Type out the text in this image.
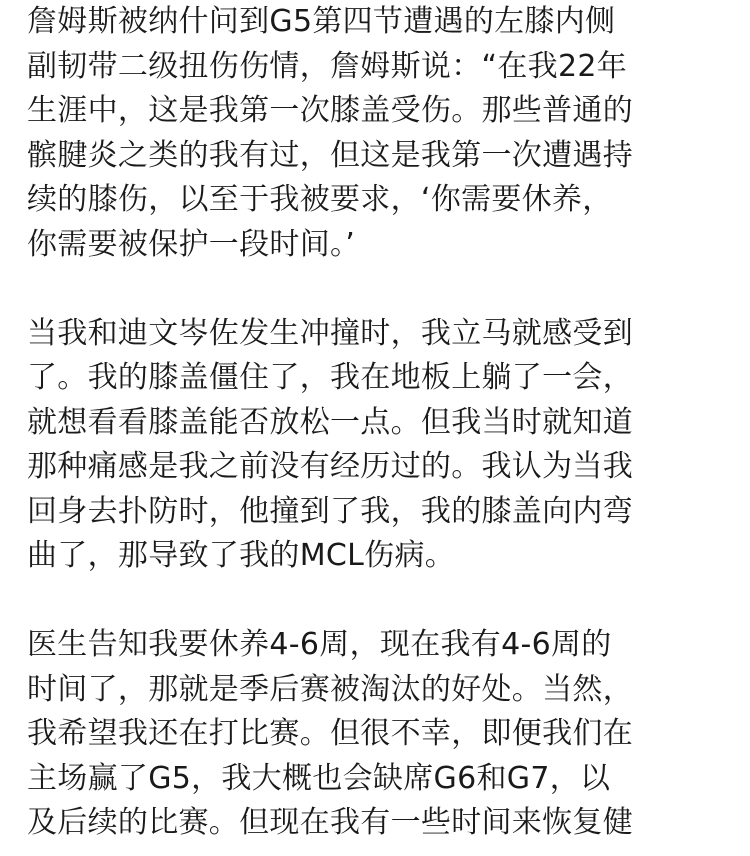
詹姆斯被纳什问到G5第四节遭遇的左膝内侧
副韧带二级扭伤伤情，詹姆斯说：“在我22年
生涯中，这是我第一次膝盖受伤。那些普通的
髌腱炎之类的我有过，但这是我第一次遭遇持
续的膝伤，以至于我被要求，‘你需要休养，
你需要被保护一段时间。’

当我和迪文岑佐发生冲撞时，我立马就感受到
了。我的膝盖僵住了，我在地板上躺了一会，
就想看看膝盖能否放松一点。但我当时就知道
那种痛感是我之前没有经历过的。我认为当我
回身去扑防时，他撞到了我，我的膝盖向内弯
曲了，那导致了我的MCL伤病。

医生告知我要休养4-6周，现在我有4-6周的
时间了，那就是季后赛被淘汰的好处。当然，
我希望我还在打比赛。但很不幸，即便我们在
主场赢了G5，我大概也会缺席G6和G7，以
及后续的比赛。但现在我有一些时间来恢复健
